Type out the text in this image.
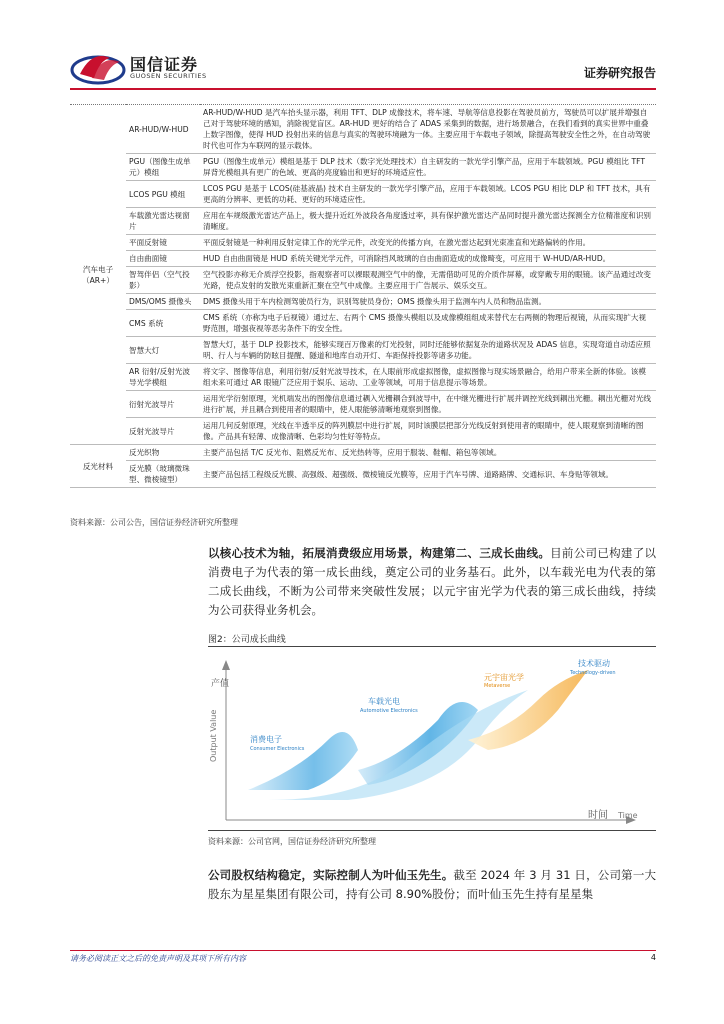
国信证券
GUOSEN SECURITIES	证券研究报告
汽车电子（AR+）	AR-HUD/W-HUD	AR-HUD/W-HUD 是汽车抬头显示器，利用 TFT、DLP 成像技术，将车速、导航等信息投影在驾驶员前方，驾驶员可以扩展并增强自己对于驾驶环境的感知，消除视觉盲区。AR-HUD 更好的结合了 ADAS 采集到的数据，进行场景融合，在我们看到的真实世界中重叠上数字图像，使得 HUD 投射出来的信息与真实的驾驶环境融为一体。主要应用于车载电子领域，除提高驾驶安全性之外，在自动驾驶时代也可作为车联网的显示载体。
	PGU（图像生成单元）模组	PGU（图像生成单元）模组是基于 DLP 技术（数字光处理技术）自主研发的一款光学引擎产品，应用于车载领域。PGU 模组比 TFT 屏背光模组具有更广的色域、更高的亮度输出和更好的环境适应性。
	LCOS PGU 模组	LCOS PGU 是基于 LCOS(硅基液晶) 技术自主研发的一款光学引擎产品，应用于车载领域。LCOS PGU 相比 DLP 和 TFT 技术，具有更高的分辨率、更低的功耗、更好的环境适应性。
	车载激光雷达视窗片	应用在车规级激光雷达产品上，极大提升近红外波段各角度透过率，具有保护激光雷达产品同时提升激光雷达探测全方位精准度和识别清晰度。
	平面反射镜	平面反射镜是一种利用反射定律工作的光学元件，改变光的传播方向，在激光雷达起到光束准直和光路偏转的作用。
	自由曲面镜	HUD 自由曲面镜是 HUD 系统关键光学元件，可消除挡风玻璃的自由曲面造成的成像畸变，可应用于 W-HUD/AR-HUD。
	智驾伴侣（空气投影）	空气投影亦称无介质浮空投影，指观察者可以裸眼观测空气中的像，无需借助可见的介质作屏幕，或穿戴专用的眼镜。该产品通过改变光路，使点发射的发散光束重新汇聚在空气中成像。主要应用于广告展示、娱乐交互。
	DMS/OMS 摄像头	DMS 摄像头用于车内检测驾驶员行为，识别驾驶员身份；OMS 摄像头用于监测车内人员和物品监测。
	CMS 系统	CMS 系统（亦称为电子后视镜）通过左、右两个 CMS 摄像头模组以及成像模组组成来替代左右两侧的物理后视镜，从而实现扩大视野范围，增强夜视等恶劣条件下的安全性。
	智慧大灯	智慧大灯，基于 DLP 投影技术，能够实现百万像素的灯光投射，同时还能够依据复杂的道路状况及 ADAS 信息，实现弯道自动适应照明、行人与车辆的防眩目提醒、隧道和地库自动开灯、车距保持投影等诸多功能。
	AR 衍射/反射光波导光学模组	将文字、图像等信息，利用衍射/反射光波导技术，在人眼前形成虚拟图像，虚拟图像与现实场景融合，给用户带来全新的体验。该模组未来可通过 AR 眼镜广泛应用于娱乐、运动、工业等领域，可用于信息提示等场景。
	衍射光波导片	运用光学衍射原理，光机端发出的图像信息通过耦入光栅耦合到波导中，在中继光栅进行扩展并调控光线到耦出光栅。耦出光栅对光线进行扩展，并且耦合到使用者的眼睛中，使人眼能够清晰地观察到图像。
	反射光波导片	运用几何反射原理，光线在半透半反的阵列膜层中进行扩展，同时该膜层把部分光线反射到使用者的眼睛中，使人眼观察到清晰的图像。产品具有轻薄、成像清晰、色彩均匀性好等特点。
反光材料	反光织物	主要产品包括 T/C 反光布、阻燃反光布、反光热转等，应用于服装、鞋帽、箱包等领域。
	反光膜（玻璃微珠型、微棱镜型）	主要产品包括工程级反光膜、高强级、超强级、微棱镜反光膜等，应用于汽车号牌、道路路牌、交通标识、车身贴等领域。
资料来源：公司公告，国信证券经济研究所整理
以核心技术为轴，拓展消费级应用场景，构建第二、三成长曲线。目前公司已构建了以消费电子为代表的第一成长曲线，奠定公司的业务基石。此外，以车载光电为代表的第二成长曲线，不断为公司带来突破性发展；以元宇宙光学为代表的第三成长曲线，持续为公司获得业务机会。
图2：公司成长曲线
产值
Output Value
时间 Time
消费电子
Consumer Electronics
车载光电
Automotive Electronics
元宇宙光学
Metaverse
技术驱动
Technology-driven
资料来源：公司官网，国信证券经济研究所整理
公司股权结构稳定，实际控制人为叶仙玉先生。截至 2024 年 3 月 31 日，公司第一大股东为星星集团有限公司，持有公司 8.90%股份；而叶仙玉先生持有星星集
请务必阅读正文之后的免责声明及其项下所有内容	4
